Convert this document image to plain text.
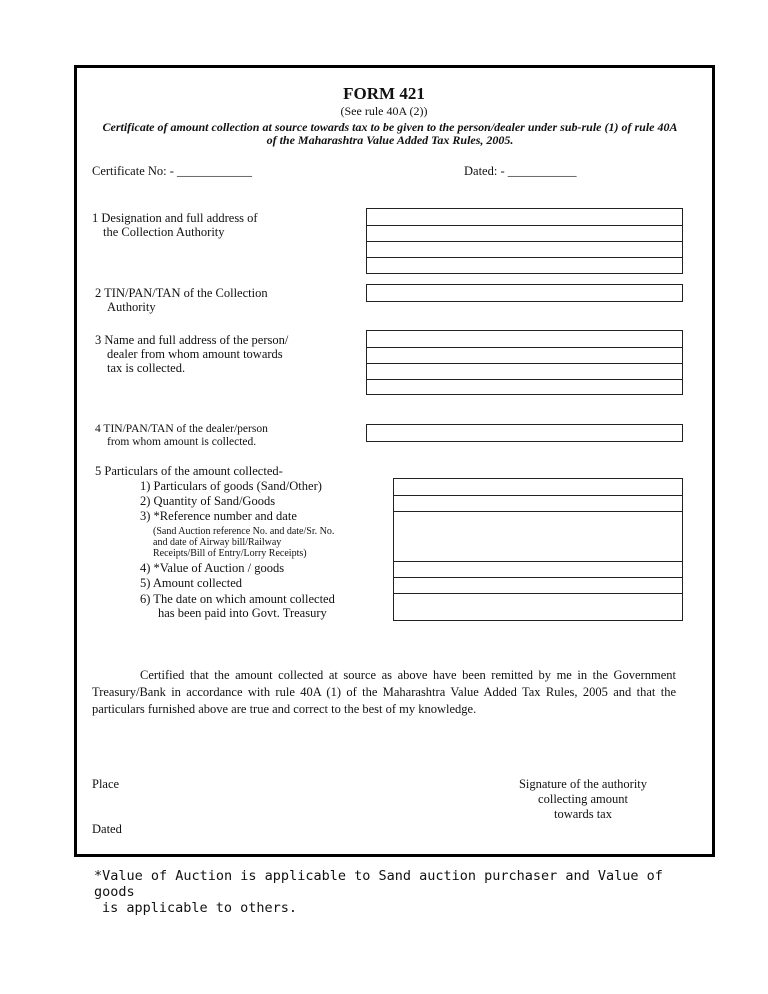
FORM 421
(See rule 40A (2))
Certificate of amount collection at source towards tax to be given to the person/dealer under sub-rule (1) of rule 40A of the Maharashtra Value Added Tax Rules, 2005.
Certificate No: - ____________	Dated: - ___________
1 Designation and full address of
the Collection Authority
2 TIN/PAN/TAN of the Collection
Authority
3 Name and full address of the person/
dealer from whom amount towards
tax is collected.
4 TIN/PAN/TAN of the dealer/person
from whom amount is collected.
5 Particulars of the amount collected-
1) Particulars of goods (Sand/Other)
2) Quantity of Sand/Goods
3) *Reference number and date
(Sand Auction reference No. and date/Sr. No.
and date of Airway bill/Railway
Receipts/Bill of Entry/Lorry Receipts)
4) *Value of Auction / goods
5) Amount collected
6) The date on which amount collected
has been paid into Govt. Treasury
Certified that the amount collected at source as above have been remitted by me in the Government Treasury/Bank in accordance with rule 40A (1) of the Maharashtra Value Added Tax Rules, 2005 and that the particulars furnished above are true and correct to the best of my knowledge.
Place
Dated
Signature of the authority
collecting amount
towards tax
*Value of Auction is applicable to Sand auction purchaser and Value of goods
is applicable to others.
